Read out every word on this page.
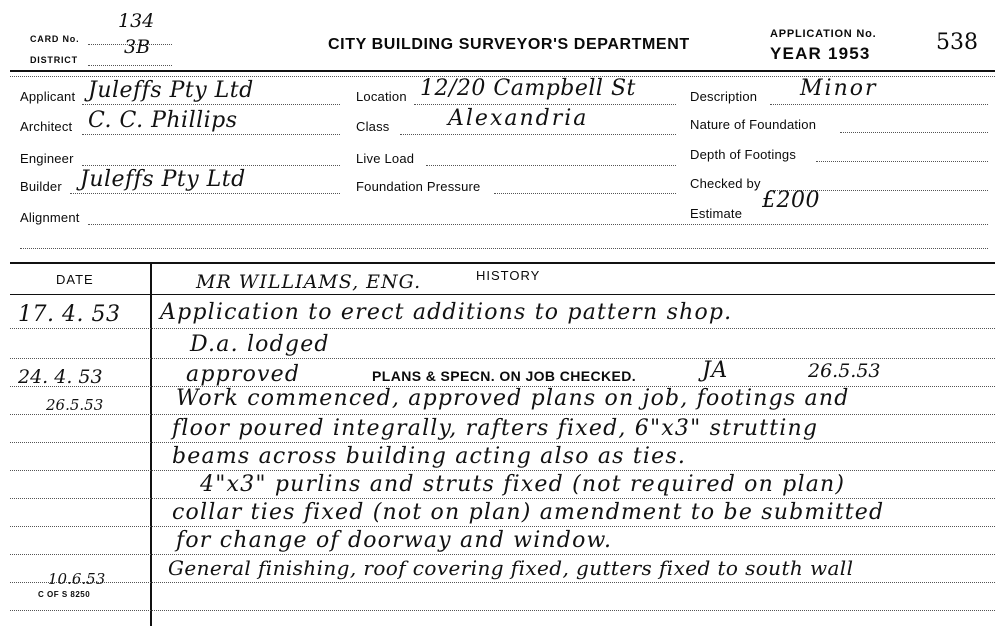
CARD No.
134
DISTRICT
3B	CITY BUILDING SURVEYOR'S DEPARTMENT
APPLICATION No.
YEAR 1953	538
Applicant Juleffs Pty Ltd
Architect C. C. Phillips
Engineer
Builder Juleffs Pty Ltd
Alignment
Location 12/20 Campbell St
Class	Alexandria
Live Load
Foundation Pressure
Description Minor
Nature of Foundation
Depth of Footings
Checked by
Estimate
£200
DATE	HISTORY
MR WILLIAMS, ENG.
17. 4. 53 Application to erect additions to pattern shop.
D.a. lodged
24. 4. 53	approved	PLANS & SPECN. ON JOB CHECKED.	JA	26.5.53
26.5.53	Work commenced, approved plans on job, footings and
floor poured integrally, rafters fixed, 6"x3" strutting
beams across building acting also as ties.
4"x3" purlins and struts fixed (not required on plan)
collar ties fixed (not on plan) amendment to be submitted
for change of doorway and window.
10.6.53	General finishing, roof covering fixed, gutters fixed to south wall
C OF S 8250
